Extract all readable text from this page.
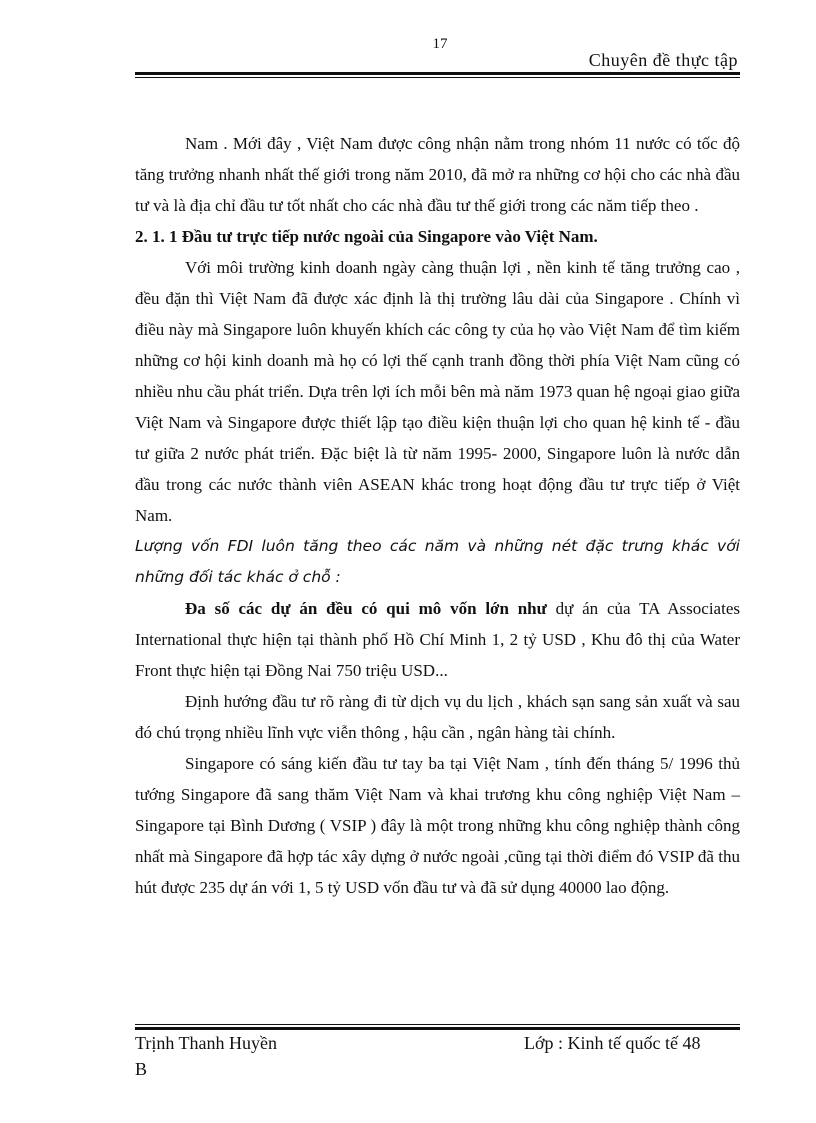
17
Chuyên đề thực tập

Nam . Mới đây , Việt Nam được công nhận nằm trong nhóm 11 nước có tốc độ tăng trưởng nhanh nhất thế giới trong năm 2010, đã mở ra những cơ hội cho các nhà đầu tư và là địa chỉ đầu tư tốt nhất cho các nhà đầu tư thế giới trong các năm tiếp theo .

2. 1. 1 Đầu tư trực tiếp nước ngoài của Singapore vào Việt Nam.

Với môi trường kinh doanh ngày càng thuận lợi , nền kinh tế tăng trưởng cao , đều đặn thì Việt Nam đã được xác định là thị trường lâu dài của Singapore . Chính vì điều này mà Singapore luôn khuyến khích các công ty của họ vào Việt Nam để tìm kiếm những cơ hội kinh doanh mà họ có lợi thế cạnh tranh đồng thời phía Việt Nam cũng có nhiều nhu cầu phát triển. Dựa trên lợi ích mỗi bên mà năm 1973 quan hệ ngoại giao giữa Việt Nam và Singapore được thiết lập tạo điều kiện thuận lợi cho quan hệ kinh tế - đầu tư giữa 2 nước phát triển. Đặc biệt là từ năm 1995- 2000, Singapore luôn là nước dẫn đầu trong các nước thành viên ASEAN khác trong hoạt động đầu tư trực tiếp ở Việt Nam.

Lượng vốn FDI luôn tăng theo các năm và những nét đặc trưng khác với những đối tác khác ở chỗ :

Đa số các dự án đều có qui mô vốn lớn như dự án của TA Associates International thực hiện tại thành phố Hồ Chí Minh 1, 2 tỷ USD , Khu đô thị của Water Front thực hiện tại Đồng Nai 750 triệu USD...

Định hướng đầu tư rõ ràng đi từ dịch vụ du lịch , khách sạn sang sản xuất và sau đó chú trọng nhiều lĩnh vực viễn thông , hậu cần , ngân hàng tài chính.

Singapore có sáng kiến đầu tư tay ba tại Việt Nam , tính đến tháng 5/ 1996 thủ tướng Singapore đã sang thăm Việt Nam và khai trương khu công nghiệp Việt Nam – Singapore tại Bình Dương ( VSIP ) đây là một trong những khu công nghiệp thành công nhất mà Singapore đã hợp tác xây dựng ở nước ngoài ,cũng tại thời điểm đó VSIP đã thu hút được 235 dự án với 1, 5 tỷ USD vốn đầu tư và đã sử dụng 40000 lao động.

Trịnh Thanh Huyền
B
Lớp : Kinh tế quốc tế 48
